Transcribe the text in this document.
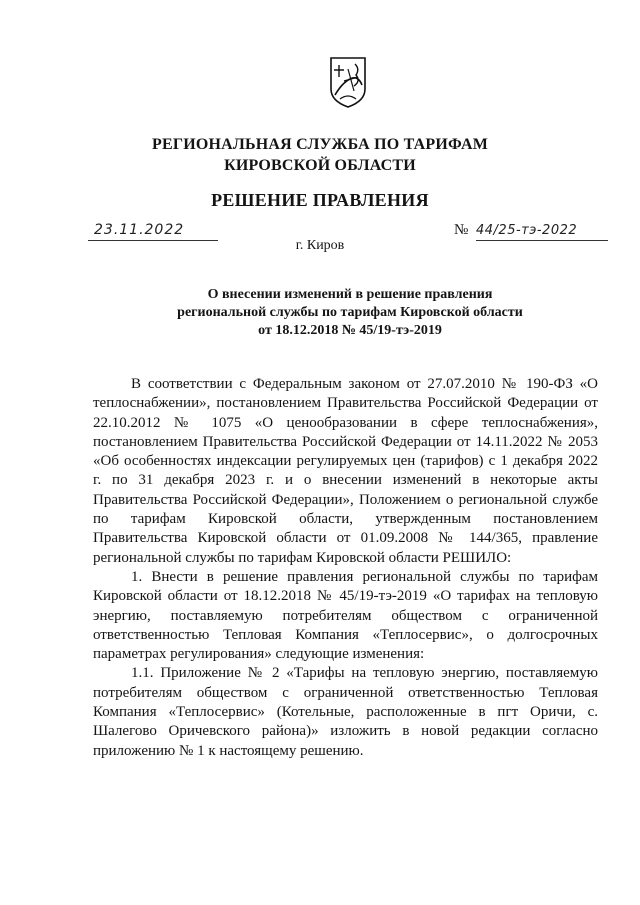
РЕГИОНАЛЬНАЯ СЛУЖБА ПО ТАРИФАМ
КИРОВСКОЙ ОБЛАСТИ
РЕШЕНИЕ ПРАВЛЕНИЯ
23.11.2022	№ 44/25-тэ-2022
г. Киров
О внесении изменений в решение правления
региональной службы по тарифам Кировской области
от 18.12.2018 № 45/19-тэ-2019

В соответствии с Федеральным законом от 27.07.2010 № 190-ФЗ «О теплоснабжении», постановлением Правительства Российской Федерации от 22.10.2012 № 1075 «О ценообразовании в сфере теплоснабжения», постановлением Правительства Российской Федерации от 14.11.2022 № 2053 «Об особенностях индексации регулируемых цен (тарифов) с 1 декабря 2022 г. по 31 декабря 2023 г. и о внесении изменений в некоторые акты Правительства Российской Федерации», Положением о региональной службе по тарифам Кировской области, утвержденным постановлением Правительства Кировской области от 01.09.2008 № 144/365, правление региональной службы по тарифам Кировской области РЕШИЛО:

1. Внести в решение правления региональной службы по тарифам Кировской области от 18.12.2018 № 45/19-тэ-2019 «О тарифах на тепловую энергию, поставляемую потребителям обществом с ограниченной ответственностью Тепловая Компания «Теплосервис», о долгосрочных параметрах регулирования» следующие изменения:

1.1. Приложение № 2 «Тарифы на тепловую энергию, поставляемую потребителям обществом с ограниченной ответственностью Тепловая Компания «Теплосервис» (Котельные, расположенные в пгт Оричи, с. Шалегово Оричевского района)» изложить в новой редакции согласно приложению № 1 к настоящему решению.
